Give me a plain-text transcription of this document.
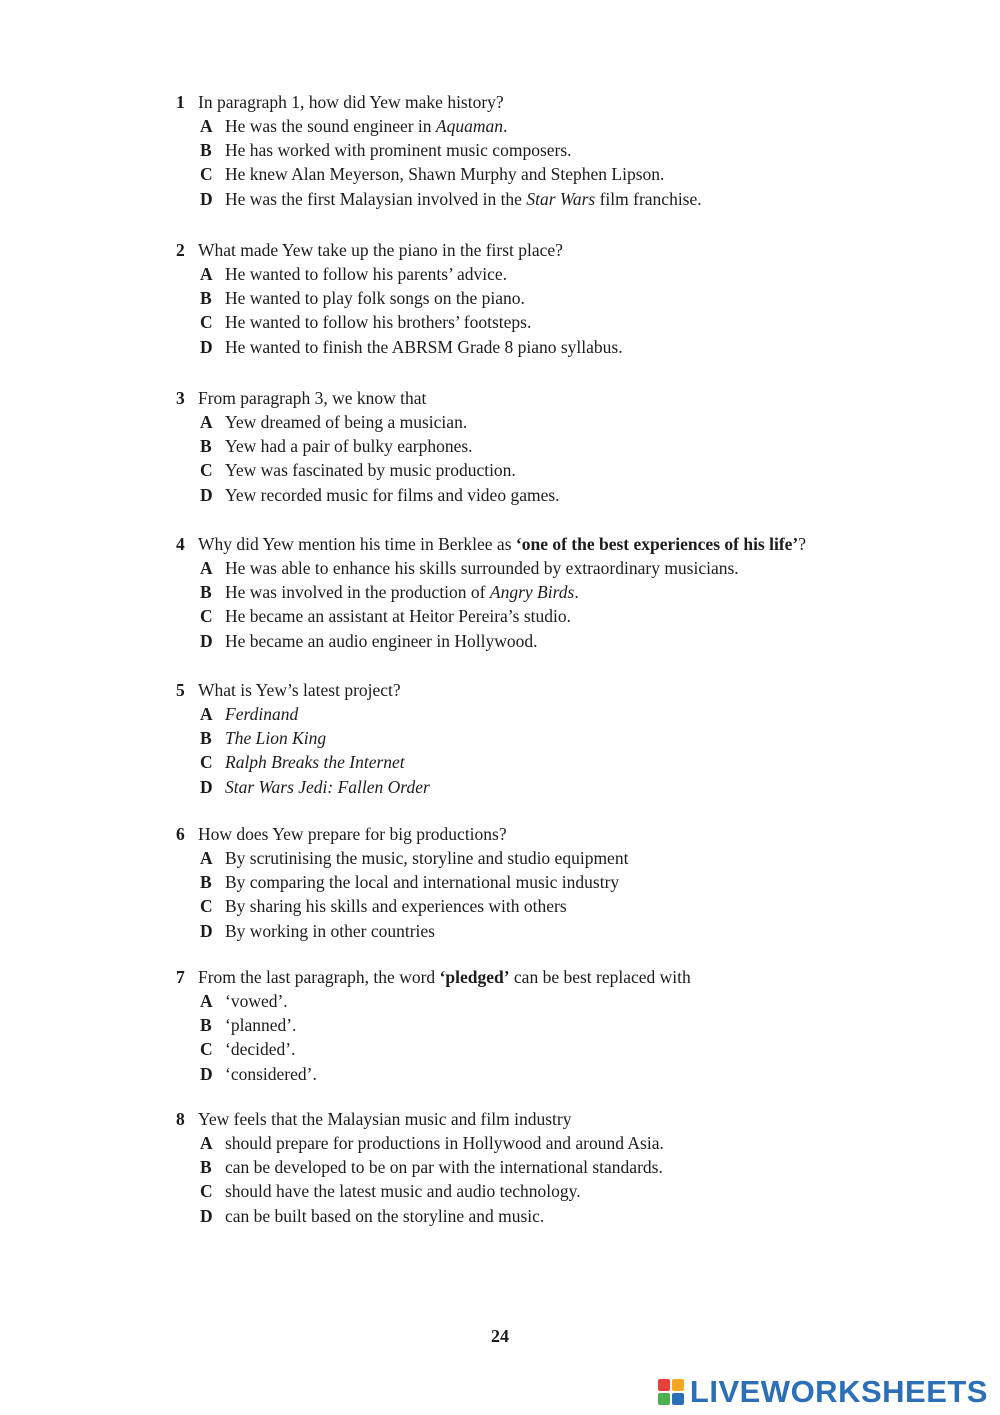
1 In paragraph 1, how did Yew make history?
A He was the sound engineer in Aquaman.
B He has worked with prominent music composers.
C He knew Alan Meyerson, Shawn Murphy and Stephen Lipson.
D He was the first Malaysian involved in the Star Wars film franchise.
2 What made Yew take up the piano in the first place?
A He wanted to follow his parents’ advice.
B He wanted to play folk songs on the piano.
C He wanted to follow his brothers’ footsteps.
D He wanted to finish the ABRSM Grade 8 piano syllabus.
3 From paragraph 3, we know that
A Yew dreamed of being a musician.
B Yew had a pair of bulky earphones.
C Yew was fascinated by music production.
D Yew recorded music for films and video games.
4 Why did Yew mention his time in Berklee as ‘one of the best experiences of his life’?
A He was able to enhance his skills surrounded by extraordinary musicians.
B He was involved in the production of Angry Birds.
C He became an assistant at Heitor Pereira’s studio.
D He became an audio engineer in Hollywood.
5 What is Yew’s latest project?
A Ferdinand
B The Lion King
C Ralph Breaks the Internet
D Star Wars Jedi: Fallen Order
6 How does Yew prepare for big productions?
A By scrutinising the music, storyline and studio equipment
B By comparing the local and international music industry
C By sharing his skills and experiences with others
D By working in other countries
7 From the last paragraph, the word ‘pledged’ can be best replaced with
A ‘vowed’.
B ‘planned’.
C ‘decided’.
D ‘considered’.
8 Yew feels that the Malaysian music and film industry
A should prepare for productions in Hollywood and around Asia.
B can be developed to be on par with the international standards.
C should have the latest music and audio technology.
D can be built based on the storyline and music.
24
LIVEWORKSHEETS
